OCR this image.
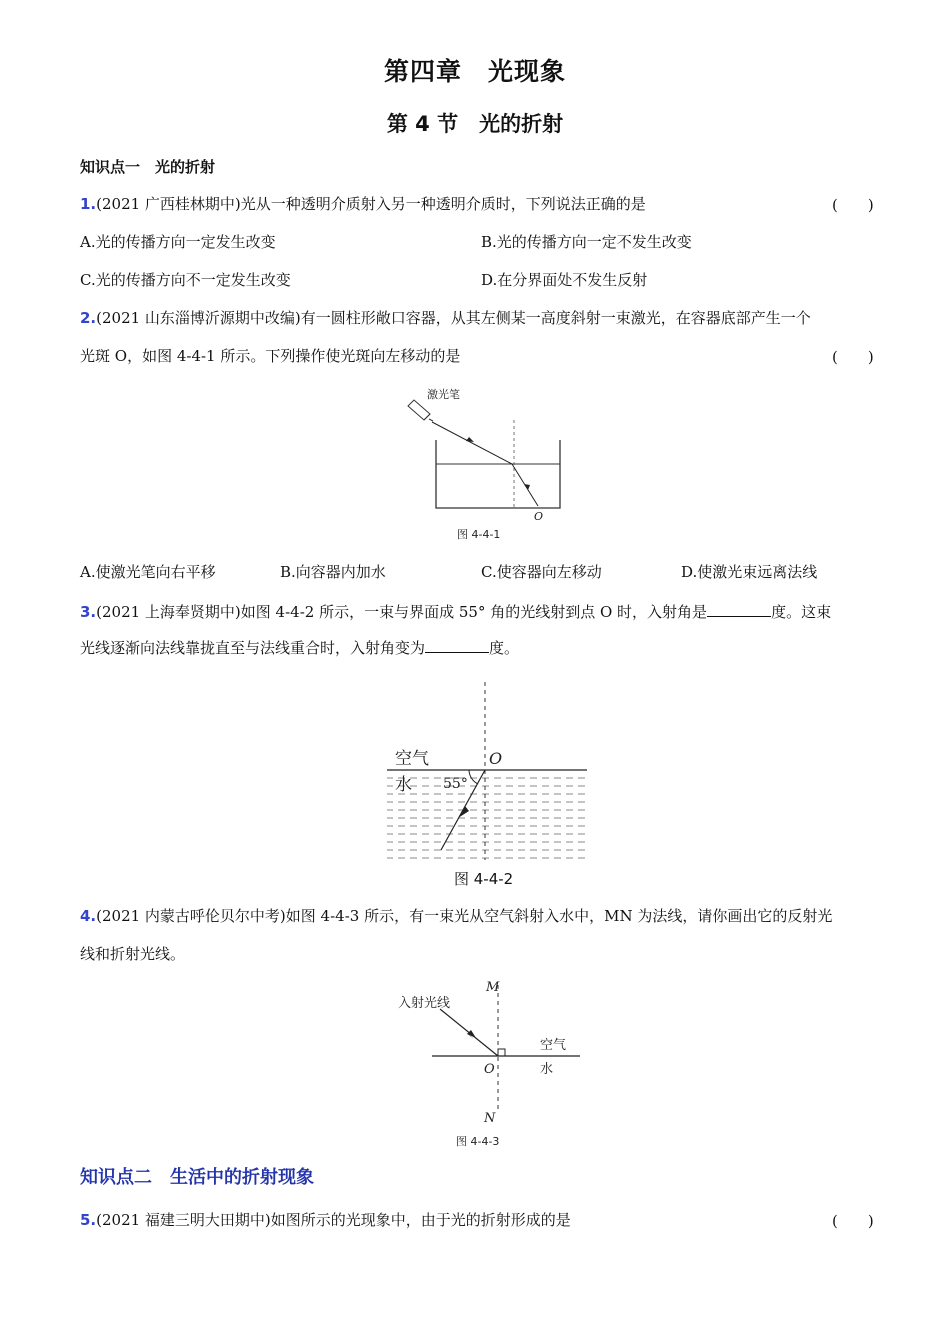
第四章　光现象
第 4 节　光的折射
知识点一　光的折射
1.(2021 广西桂林期中)光从一种透明介质射入另一种透明介质时，下列说法正确的是	(　　)
A.光的传播方向一定发生改变	B.光的传播方向一定不发生改变
C.光的传播方向不一定发生改变	D.在分界面处不发生反射
2.(2021 山东淄博沂源期中改编)有一圆柱形敞口容器，从其左侧某一高度斜射一束激光，在容器底部产生一个
光斑 O，如图 4-4-1 所示。下列操作使光斑向左移动的是	(　　)
激光笔
O
图 4-4-1
A.使激光笔向右平移	B.向容器内加水	C.使容器向左移动	D.使激光束远离法线
3.(2021 上海奉贤期中)如图 4-4-2 所示，一束与界面成 55° 角的光线射到点 O 时，入射角是	度。这束
光线逐渐向法线靠拢直至与法线重合时，入射角变为	度。
空气
水
O
55°
图 4-4-2
4.(2021 内蒙古呼伦贝尔中考)如图 4-4-3 所示，有一束光从空气斜射入水中，MN 为法线，请你画出它的反射光
线和折射光线。
M
N
O
入射光线
空气
水
图 4-4-3
知识点二　生活中的折射现象
5.(2021 福建三明大田期中)如图所示的光现象中，由于光的折射形成的是	(　　)
